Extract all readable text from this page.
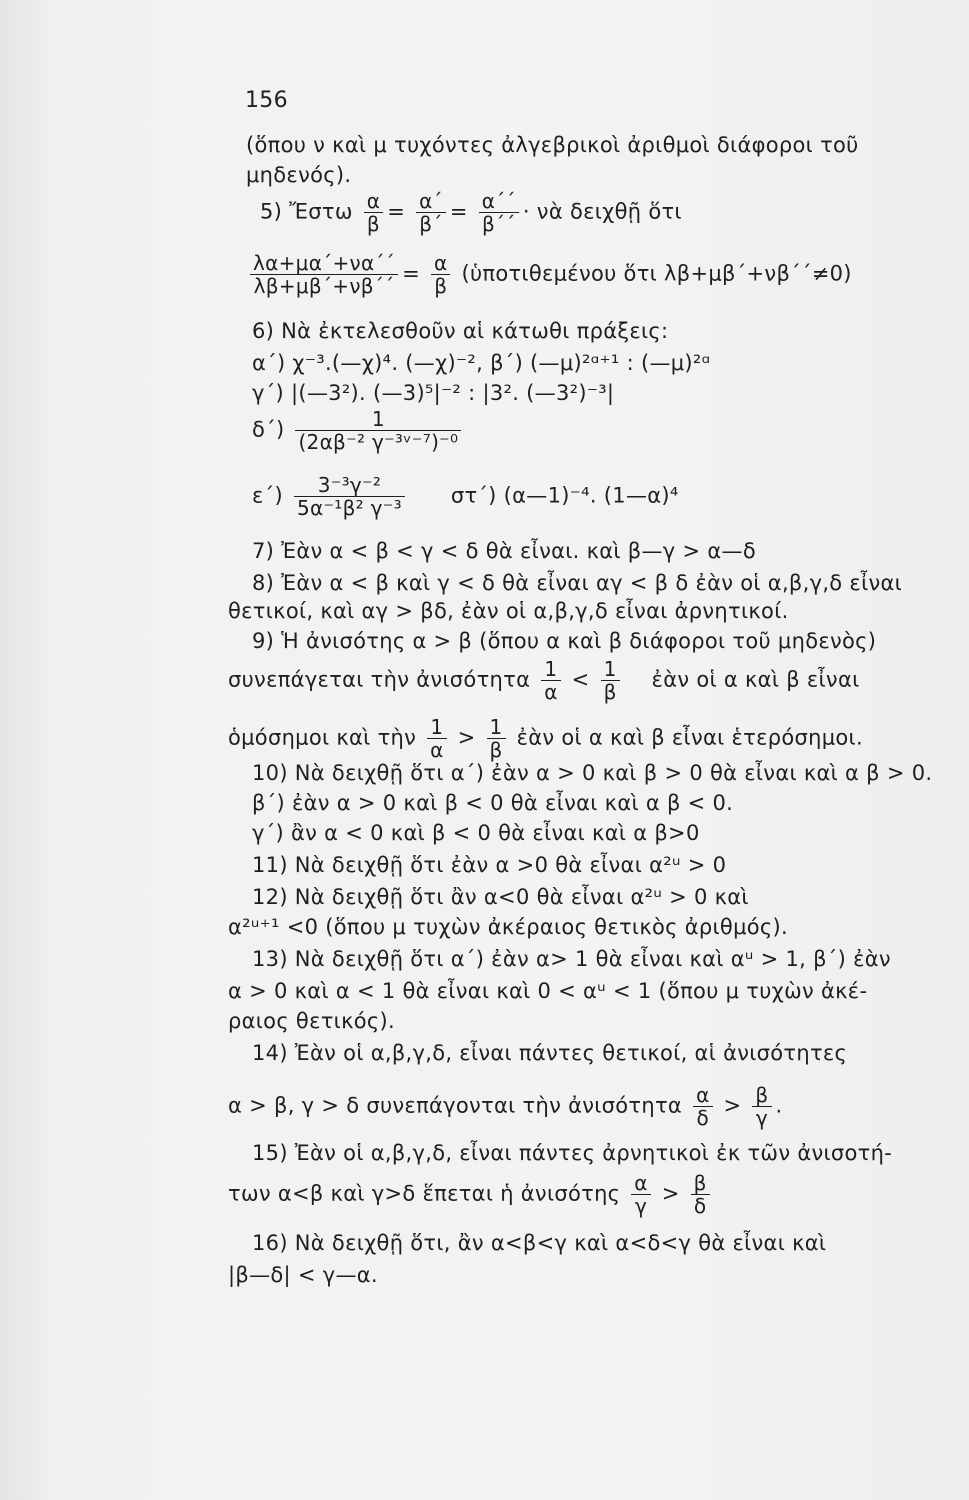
156
(ὅπου ν καὶ μ τυχόντες ἀλγεβρικοὶ ἀριθμοὶ διάφοροι τοῦ
μηδενός).
5) Ἔστω $\frac{\alpha}{\beta} = \frac{\alpha΄}{\beta΄} = \frac{\alpha΄΄}{\beta΄΄}$ · νὰ δειχθῇ ὅτι
$\frac{\lambda\alpha+\mu\alpha΄+\nu\alpha΄΄}{\lambda\beta+\mu\beta΄+\nu\beta΄΄} = \frac{\alpha}{\beta}$ (ὑποτιθεμένου ὅτι λβ+μβ΄+νβ΄΄≠0)
6) Νὰ ἐκτελεσθοῦν αἱ κάτωθι πράξεις:
α΄) χ⁻³.(—χ)⁴. (—χ)⁻², β΄) (—μ)²ᵅ⁺¹ : (—μ)²ᵅ
γ΄) |(—3²). (—3)⁵|⁻² : |3². (—3²)⁻³|
$\delta΄) \frac{1}{\text{(2αβ⁻² γ⁻³ᵛ⁻⁷)⁻⁰}}$
$\varepsilon΄) \frac{\text{3⁻³γ⁻²}}{\text{5α⁻¹β² γ⁻³}} \sigma\tau΄$) (α—1)⁻⁴. (1—α)⁴
7) Ἐὰν α < β < γ < δ θὰ εἶναι. καὶ β—γ > α—δ
8) Ἐὰν α < β καὶ γ < δ θὰ εἶναι αγ < β δ ἐὰν οἱ α,β,γ,δ εἶναι
θετικοί, καὶ αγ > βδ, ἐὰν οἱ α,β,γ,δ εἶναι ἀρνητικοί.
9) Ἡ ἀνισότης α > β (ὅπου α καὶ β διάφοροι τοῦ μηδενὸς)
συνεπάγεται τὴν ἀνισότητα $\frac{1}{\alpha} < \frac{1}{\beta}$ ἐὰν οἱ α καὶ β εἶναι
ὁμόσημοι καὶ τὴν $\frac{1}{\alpha} > \frac{1}{\beta}$ ἐὰν οἱ α καὶ β εἶναι ἑτερόσημοι.
10) Νὰ δειχθῇ ὅτι α΄) ἐὰν α > 0 καὶ β > 0 θὰ εἶναι καὶ α β > 0.
β΄) ἐὰν α > 0 καὶ β < 0 θὰ εἶναι καὶ α β < 0.
γ΄) ἂν α < 0 καὶ β < 0 θὰ εἶναι καὶ α β>0
11) Νὰ δειχθῇ ὅτι ἐὰν α >0 θὰ εἶναι α²ᵘ > 0
12) Νὰ δειχθῇ ὅτι ἂν α<0 θὰ εἶναι α²ᵘ > 0 καὶ
α²ᵘ⁺¹ <0 (ὅπου μ τυχὼν ἀκέραιος θετικὸς ἀριθμός).
13) Νὰ δειχθῇ ὅτι α΄) ἐὰν α> 1 θὰ εἶναι καὶ αᵘ > 1, β΄) ἐὰν
α > 0 καὶ α < 1 θὰ εἶναι καὶ 0 < αᵘ < 1 (ὅπου μ τυχὼν ἀκέ-
ραιος θετικός).
14) Ἐὰν οἱ α,β,γ,δ, εἶναι πάντες θετικοί, αἱ ἀνισότητες
α > β, γ > δ συνεπάγονται τὴν ἀνισότητα $\frac{\alpha}{\delta} > \frac{\beta}{\gamma}$ .
15) Ἐὰν οἱ α,β,γ,δ, εἶναι πάντες ἀρνητικοὶ ἐκ τῶν ἀνισοτή-
των α<β καὶ γ>δ ἕπεται ἡ ἀνισότης $\frac{\alpha}{\gamma} > \frac{\beta}{\delta}$
16) Νὰ δειχθῇ ὅτι, ἂν α<β<γ καὶ α<δ<γ θὰ εἶναι καὶ
|β—δ| < γ—α.
